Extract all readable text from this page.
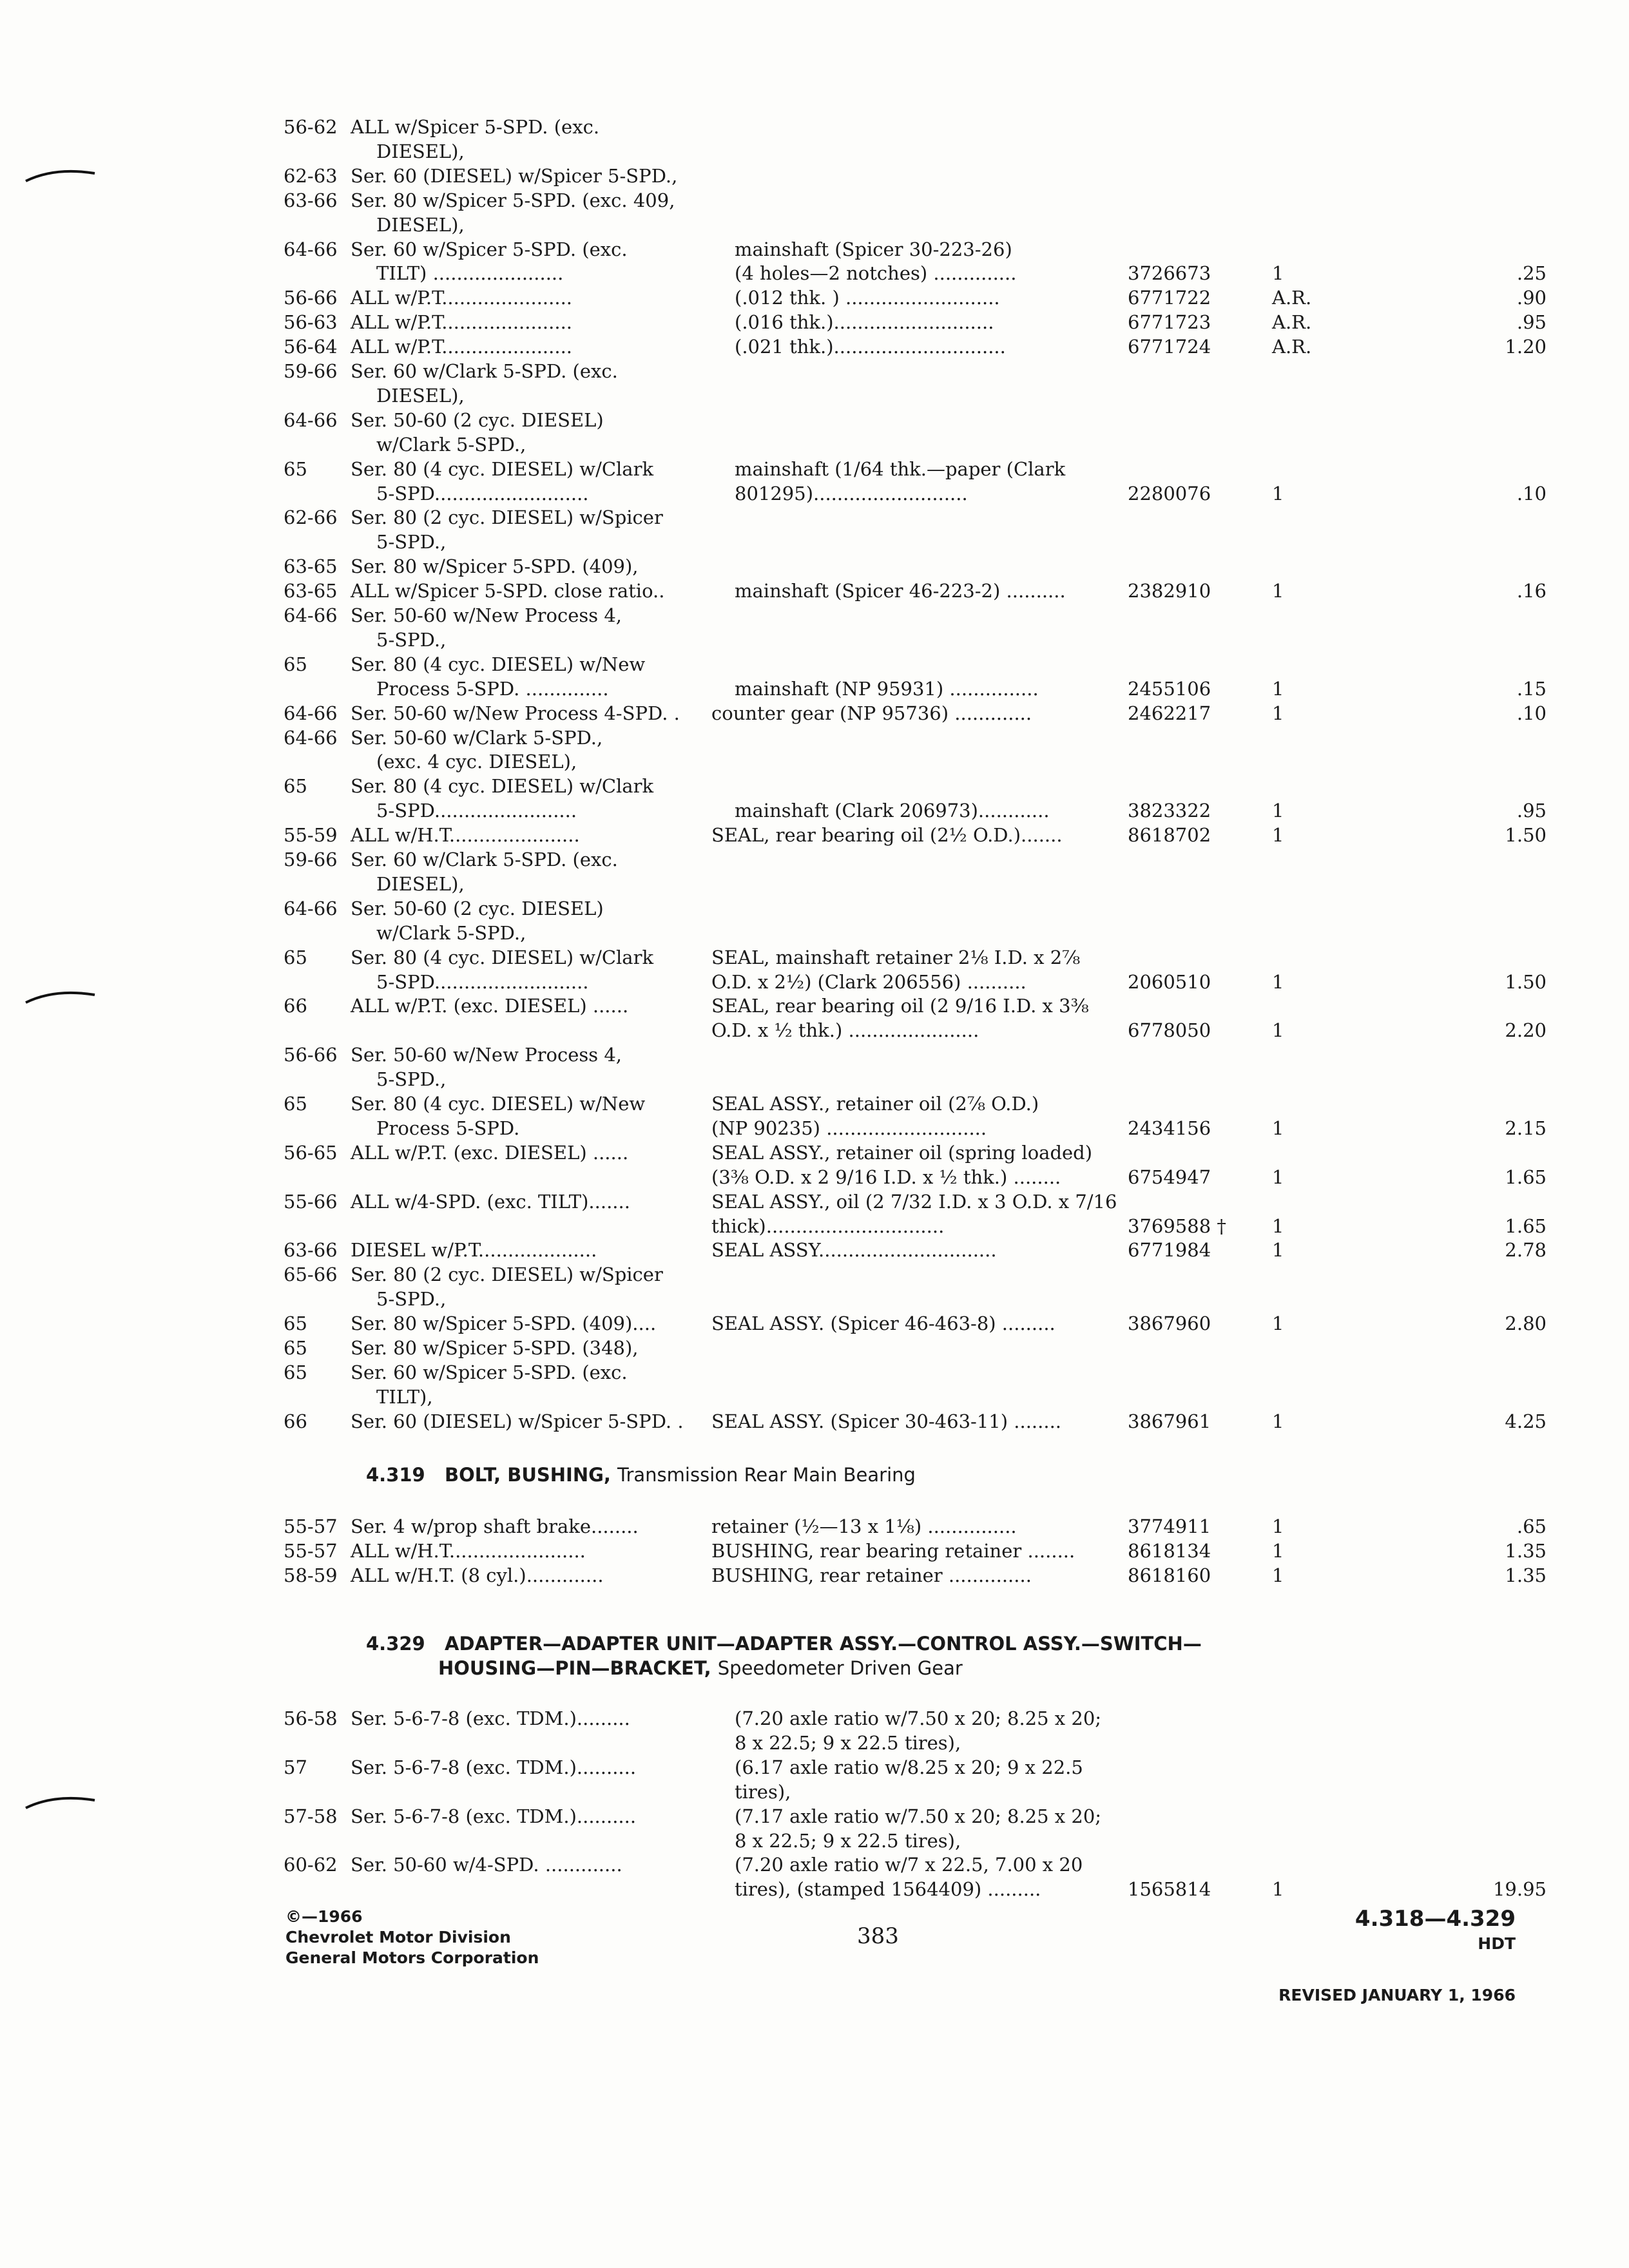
56-62 ALL w/Spicer 5-SPD. (exc.
DIESEL),
62-63 Ser. 60 (DIESEL) w/Spicer 5-SPD.,
63-66 Ser. 80 w/Spicer 5-SPD. (exc. 409,
DIESEL),
64-66 Ser. 60 w/Spicer 5-SPD. (exc.	mainshaft (Spicer 30-223-26)
TILT) ......................	(4 holes—2 notches) ..............	3726673	1	.25
56-66 ALL w/P.T......................	(.012 thk. ) ..........................	6771722	A.R.	.90
56-63 ALL w/P.T......................	(.016 thk.)...........................	6771723	A.R.	.95
56-64 ALL w/P.T......................	(.021 thk.).............................	6771724	A.R.	1.20
59-66 Ser. 60 w/Clark 5-SPD. (exc.
DIESEL),
64-66 Ser. 50-60 (2 cyc. DIESEL)
w/Clark 5-SPD.,
65 Ser. 80 (4 cyc. DIESEL) w/Clark	mainshaft (1/64 thk.—paper (Clark
5-SPD..........................	801295)..........................	2280076	1	.10
62-66 Ser. 80 (2 cyc. DIESEL) w/Spicer
5-SPD.,
63-65 Ser. 80 w/Spicer 5-SPD. (409),
63-65 ALL w/Spicer 5-SPD. close ratio..	mainshaft (Spicer 46-223-2) ..........	2382910	1	.16
64-66 Ser. 50-60 w/New Process 4,
5-SPD.,
65 Ser. 80 (4 cyc. DIESEL) w/New
Process 5-SPD. ..............	mainshaft (NP 95931) ...............	2455106	1	.15
64-66 Ser. 50-60 w/New Process 4-SPD. . counter gear (NP 95736) .............	2462217	1	.10
64-66 Ser. 50-60 w/Clark 5-SPD.,
(exc. 4 cyc. DIESEL),
65 Ser. 80 (4 cyc. DIESEL) w/Clark
5-SPD........................	mainshaft (Clark 206973)............	3823322	1	.95
55-59 ALL w/H.T......................	SEAL, rear bearing oil (2½ O.D.).......	8618702	1	1.50
59-66 Ser. 60 w/Clark 5-SPD. (exc.
DIESEL),
64-66 Ser. 50-60 (2 cyc. DIESEL)
w/Clark 5-SPD.,
65 Ser. 80 (4 cyc. DIESEL) w/Clark	SEAL, mainshaft retainer 2⅛ I.D. x 2⅞
5-SPD..........................	O.D. x 2½) (Clark 206556) ..........	2060510	1	1.50
66 ALL w/P.T. (exc. DIESEL) ......	SEAL, rear bearing oil (2 9/16 I.D. x 3⅜
O.D. x ½ thk.) ......................	6778050	1	2.20
56-66 Ser. 50-60 w/New Process 4,
5-SPD.,
65 Ser. 80 (4 cyc. DIESEL) w/New	SEAL ASSY., retainer oil (2⅞ O.D.)
Process 5-SPD.	(NP 90235) ...........................	2434156	1	2.15
56-65 ALL w/P.T. (exc. DIESEL) ......	SEAL ASSY., retainer oil (spring loaded)
(3⅜ O.D. x 2 9/16 I.D. x ½ thk.) ........	6754947	1	1.65
55-66 ALL w/4-SPD. (exc. TILT).......	SEAL ASSY., oil (2 7/32 I.D. x 3 O.D. x 7/16
thick)..............................	3769588 † 1	1.65
63-66 DIESEL w/P.T....................	SEAL ASSY..............................	6771984	1	2.78
65-66 Ser. 80 (2 cyc. DIESEL) w/Spicer
5-SPD.,
65 Ser. 80 w/Spicer 5-SPD. (409)....	SEAL ASSY. (Spicer 46-463-8) .........	3867960	1	2.80
65 Ser. 80 w/Spicer 5-SPD. (348),
65 Ser. 60 w/Spicer 5-SPD. (exc.
TILT),
66 Ser. 60 (DIESEL) w/Spicer 5-SPD. . SEAL ASSY. (Spicer 30-463-11) ........	3867961	1	4.25
4.319 BOLT, BUSHING, Transmission Rear Main Bearing
55-57 Ser. 4 w/prop shaft brake........	retainer (½—13 x 1⅛) ...............	3774911	1	.65
55-57 ALL w/H.T.......................	BUSHING, rear bearing retainer ........	8618134	1	1.35
58-59 ALL w/H.T. (8 cyl.).............	BUSHING, rear retainer ..............	8618160	1	1.35
4.329 ADAPTER—ADAPTER UNIT—ADAPTER ASSY.—CONTROL ASSY.—SWITCH—
HOUSING—PIN—BRACKET, Speedometer Driven Gear
56-58 Ser. 5-6-7-8 (exc. TDM.).........	(7.20 axle ratio w/7.50 x 20; 8.25 x 20;
8 x 22.5; 9 x 22.5 tires),
57 Ser. 5-6-7-8 (exc. TDM.)..........	(6.17 axle ratio w/8.25 x 20; 9 x 22.5
tires),
57-58 Ser. 5-6-7-8 (exc. TDM.)..........	(7.17 axle ratio w/7.50 x 20; 8.25 x 20;
8 x 22.5; 9 x 22.5 tires),
60-62 Ser. 50-60 w/4-SPD. .............	(7.20 axle ratio w/7 x 22.5, 7.00 x 20
tires), (stamped 1564409) .........	1565814	1	19.95
©—1966
Chevrolet Motor Division
General Motors Corporation
383
4.318—4.329
HDT
REVISED JANUARY 1, 1966
